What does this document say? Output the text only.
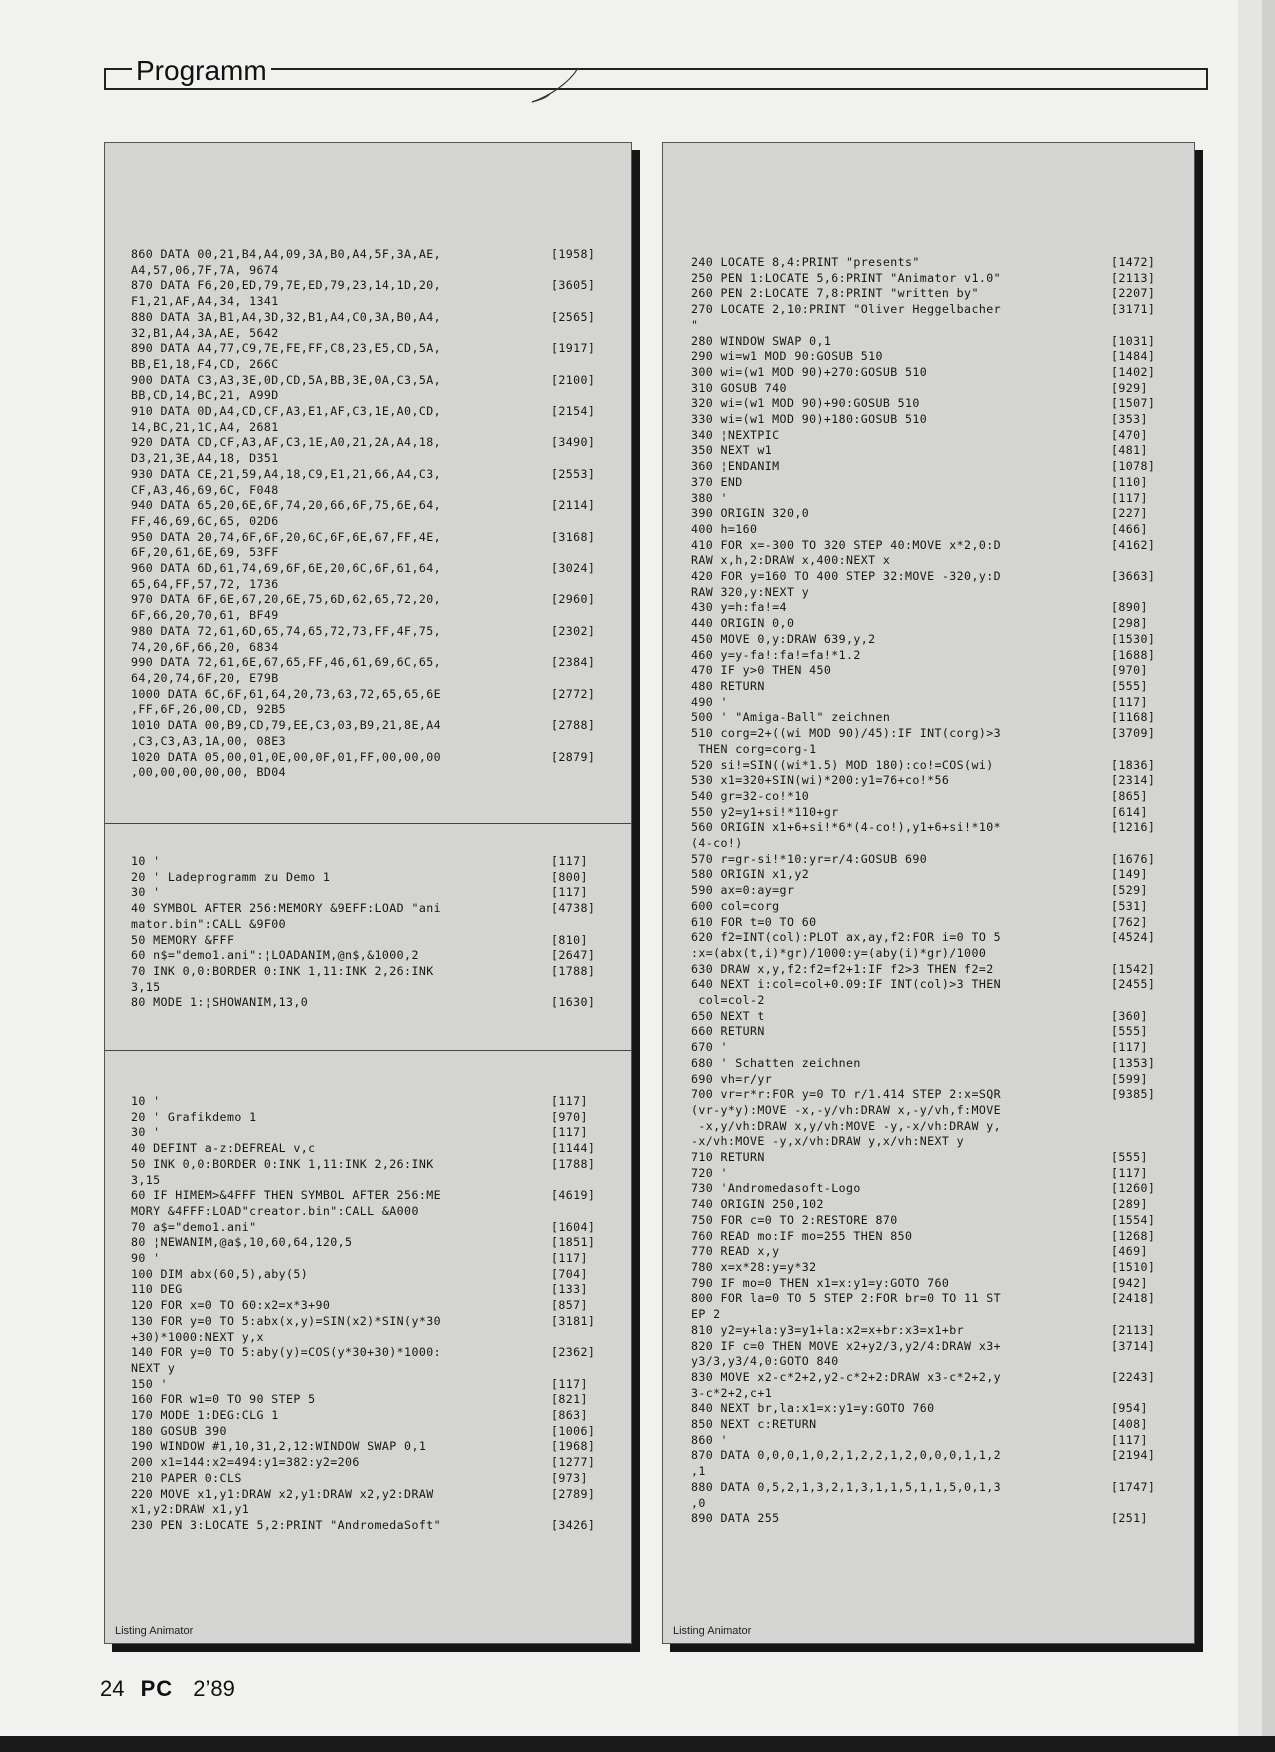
Programm
860 DATA 00,21,B4,A4,09,3A,B0,A4,5F,3A,AE,	[1958]
A4,57,06,7F,7A, 9674
870 DATA F6,20,ED,79,7E,ED,79,23,14,1D,20,	[3605]
F1,21,AF,A4,34, 1341
880 DATA 3A,B1,A4,3D,32,B1,A4,C0,3A,B0,A4,	[2565]
32,B1,A4,3A,AE, 5642
890 DATA A4,77,C9,7E,FE,FF,C8,23,E5,CD,5A,	[1917]
BB,E1,18,F4,CD, 266C
900 DATA C3,A3,3E,0D,CD,5A,BB,3E,0A,C3,5A,	[2100]
BB,CD,14,BC,21, A99D
910 DATA 0D,A4,CD,CF,A3,E1,AF,C3,1E,A0,CD,	[2154]
14,BC,21,1C,A4, 2681
920 DATA CD,CF,A3,AF,C3,1E,A0,21,2A,A4,18,	[3490]
D3,21,3E,A4,18, D351
930 DATA CE,21,59,A4,18,C9,E1,21,66,A4,C3,	[2553]
CF,A3,46,69,6C, F048
940 DATA 65,20,6E,6F,74,20,66,6F,75,6E,64,	[2114]
FF,46,69,6C,65, 02D6
950 DATA 20,74,6F,6F,20,6C,6F,6E,67,FF,4E,	[3168]
6F,20,61,6E,69, 53FF
960 DATA 6D,61,74,69,6F,6E,20,6C,6F,61,64,	[3024]
65,64,FF,57,72, 1736
970 DATA 6F,6E,67,20,6E,75,6D,62,65,72,20,	[2960]
6F,66,20,70,61, BF49
980 DATA 72,61,6D,65,74,65,72,73,FF,4F,75,	[2302]
74,20,6F,66,20, 6834
990 DATA 72,61,6E,67,65,FF,46,61,69,6C,65,	[2384]
64,20,74,6F,20, E79B
1000 DATA 6C,6F,61,64,20,73,63,72,65,65,6E	[2772]
,FF,6F,26,00,CD, 92B5
1010 DATA 00,B9,CD,79,EE,C3,03,B9,21,8E,A4	[2788]
,C3,C3,A3,1A,00, 08E3
1020 DATA 05,00,01,0E,00,0F,01,FF,00,00,00	[2879]
,00,00,00,00,00, BD04
10 '	[117]
20 ' Ladeprogramm zu Demo 1	[800]
30 '	[117]
40 SYMBOL AFTER 256:MEMORY &9EFF:LOAD "ani	[4738]
mator.bin":CALL &9F00
50 MEMORY &FFF	[810]
60 n$="demo1.ani":¦LOADANIM,@n$,&1000,2	[2647]
70 INK 0,0:BORDER 0:INK 1,11:INK 2,26:INK	[1788]
3,15
80 MODE 1:¦SHOWANIM,13,0	[1630]
10 '	[117]
20 ' Grafikdemo 1	[970]
30 '	[117]
40 DEFINT a-z:DEFREAL v,c	[1144]
50 INK 0,0:BORDER 0:INK 1,11:INK 2,26:INK	[1788]
3,15
60 IF HIMEM>&4FFF THEN SYMBOL AFTER 256:ME	[4619]
MORY &4FFF:LOAD"creator.bin":CALL &A000
70 a$="demo1.ani"	[1604]
80 ¦NEWANIM,@a$,10,60,64,120,5	[1851]
90 '	[117]
100 DIM abx(60,5),aby(5)	[704]
110 DEG	[133]
120 FOR x=0 TO 60:x2=x*3+90	[857]
130 FOR y=0 TO 5:abx(x,y)=SIN(x2)*SIN(y*30	[3181]
+30)*1000:NEXT y,x
140 FOR y=0 TO 5:aby(y)=COS(y*30+30)*1000:	[2362]
NEXT y
150 '	[117]
160 FOR w1=0 TO 90 STEP 5	[821]
170 MODE 1:DEG:CLG 1	[863]
180 GOSUB 390	[1006]
190 WINDOW #1,10,31,2,12:WINDOW SWAP 0,1	[1968]
200 x1=144:x2=494:y1=382:y2=206	[1277]
210 PAPER 0:CLS	[973]
220 MOVE x1,y1:DRAW x2,y1:DRAW x2,y2:DRAW	[2789]
x1,y2:DRAW x1,y1
230 PEN 3:LOCATE 5,2:PRINT "AndromedaSoft"	[3426]
Listing Animator
240 LOCATE 8,4:PRINT "presents"	[1472]
250 PEN 1:LOCATE 5,6:PRINT "Animator v1.0"	[2113]
260 PEN 2:LOCATE 7,8:PRINT "written by"	[2207]
270 LOCATE 2,10:PRINT "Oliver Heggelbacher	[3171]
"
280 WINDOW SWAP 0,1	[1031]
290 wi=w1 MOD 90:GOSUB 510	[1484]
300 wi=(w1 MOD 90)+270:GOSUB 510	[1402]
310 GOSUB 740	[929]
320 wi=(w1 MOD 90)+90:GOSUB 510	[1507]
330 wi=(w1 MOD 90)+180:GOSUB 510	[353]
340 ¦NEXTPIC	[470]
350 NEXT w1	[481]
360 ¦ENDANIM	[1078]
370 END	[110]
380 '	[117]
390 ORIGIN 320,0	[227]
400 h=160	[466]
410 FOR x=-300 TO 320 STEP 40:MOVE x*2,0:D	[4162]
RAW x,h,2:DRAW x,400:NEXT x
420 FOR y=160 TO 400 STEP 32:MOVE -320,y:D	[3663]
RAW 320,y:NEXT y
430 y=h:fa!=4	[890]
440 ORIGIN 0,0	[298]
450 MOVE 0,y:DRAW 639,y,2	[1530]
460 y=y-fa!:fa!=fa!*1.2	[1688]
470 IF y>0 THEN 450	[970]
480 RETURN	[555]
490 '	[117]
500 ' "Amiga-Ball" zeichnen	[1168]
510 corg=2+((wi MOD 90)/45):IF INT(corg)>3	[3709]
THEN corg=corg-1
520 si!=SIN((wi*1.5) MOD 180):co!=COS(wi)	[1836]
530 x1=320+SIN(wi)*200:y1=76+co!*56	[2314]
540 gr=32-co!*10	[865]
550 y2=y1+si!*110+gr	[614]
560 ORIGIN x1+6+si!*6*(4-co!),y1+6+si!*10*	[1216]
(4-co!)
570 r=gr-si!*10:yr=r/4:GOSUB 690	[1676]
580 ORIGIN x1,y2	[149]
590 ax=0:ay=gr	[529]
600 col=corg	[531]
610 FOR t=0 TO 60	[762]
620 f2=INT(col):PLOT ax,ay,f2:FOR i=0 TO 5	[4524]
:x=(abx(t,i)*gr)/1000:y=(aby(i)*gr)/1000
630 DRAW x,y,f2:f2=f2+1:IF f2>3 THEN f2=2	[1542]
640 NEXT i:col=col+0.09:IF INT(col)>3 THEN	[2455]
col=col-2
650 NEXT t	[360]
660 RETURN	[555]
670 '	[117]
680 ' Schatten zeichnen	[1353]
690 vh=r/yr	[599]
700 vr=r*r:FOR y=0 TO r/1.414 STEP 2:x=SQR	[9385]
(vr-y*y):MOVE -x,-y/vh:DRAW x,-y/vh,f:MOVE
-x,y/vh:DRAW x,y/vh:MOVE -y,-x/vh:DRAW y,
-x/vh:MOVE -y,x/vh:DRAW y,x/vh:NEXT y
710 RETURN	[555]
720 '	[117]
730 'Andromedasoft-Logo	[1260]
740 ORIGIN 250,102	[289]
750 FOR c=0 TO 2:RESTORE 870	[1554]
760 READ mo:IF mo=255 THEN 850	[1268]
770 READ x,y	[469]
780 x=x*28:y=y*32	[1510]
790 IF mo=0 THEN x1=x:y1=y:GOTO 760	[942]
800 FOR la=0 TO 5 STEP 2:FOR br=0 TO 11 ST	[2418]
EP 2
810 y2=y+la:y3=y1+la:x2=x+br:x3=x1+br	[2113]
820 IF c=0 THEN MOVE x2+y2/3,y2/4:DRAW x3+	[3714]
y3/3,y3/4,0:GOTO 840
830 MOVE x2-c*2+2,y2-c*2+2:DRAW x3-c*2+2,y	[2243]
3-c*2+2,c+1
840 NEXT br,la:x1=x:y1=y:GOTO 760	[954]
850 NEXT c:RETURN	[408]
860 '	[117]
870 DATA 0,0,0,1,0,2,1,2,2,1,2,0,0,0,1,1,2	[2194]
,1
880 DATA 0,5,2,1,3,2,1,3,1,1,5,1,1,5,0,1,3	[1747]
,0
890 DATA 255	[251]
Listing Animator
24 PC 2’89
